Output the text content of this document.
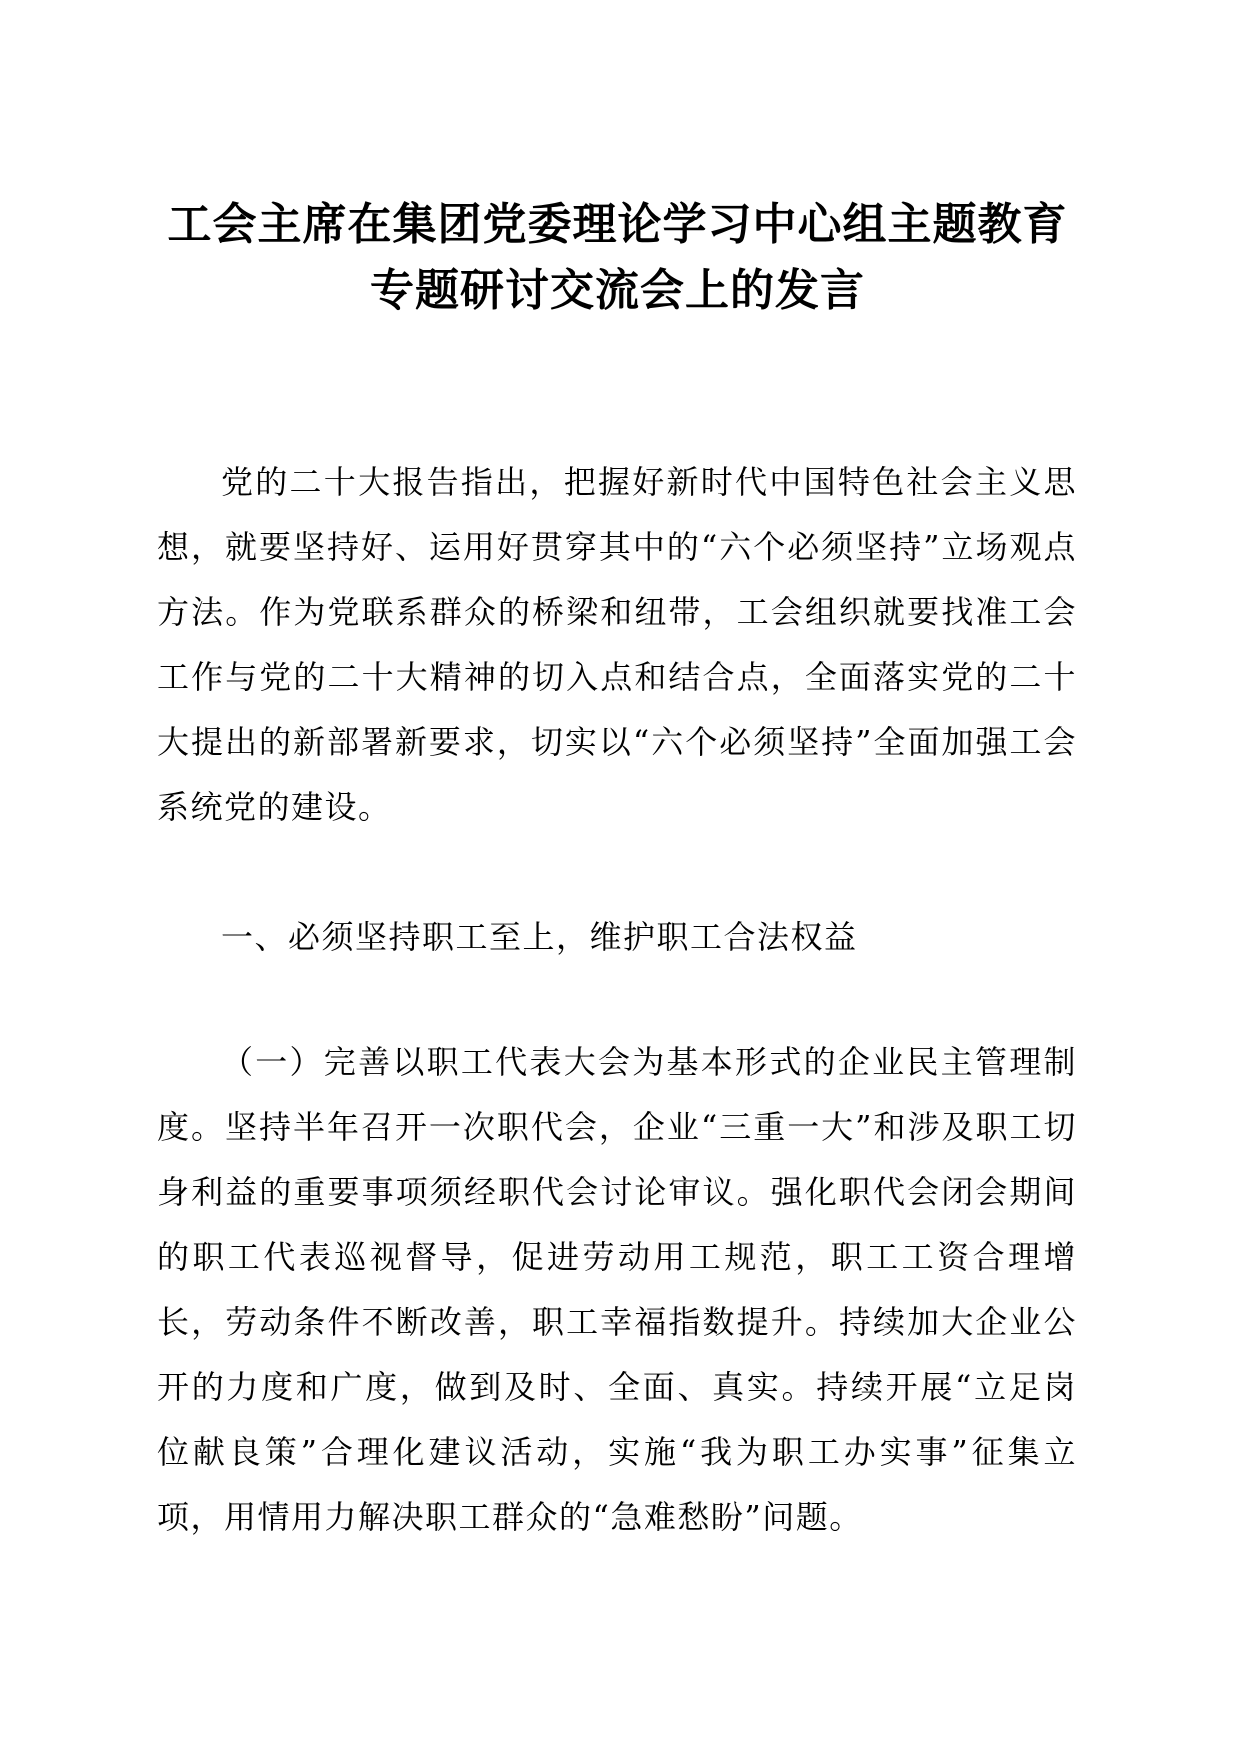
工会主席在集团党委理论学习中心组主题教育
专题研讨交流会上的发言

党的二十大报告指出，把握好新时代中国特色社会主义思想，就要坚持好、运用好贯穿其中的“六个必须坚持”立场观点方法。作为党联系群众的桥梁和纽带，工会组织就要找准工会工作与党的二十大精神的切入点和结合点，全面落实党的二十大提出的新部署新要求，切实以“六个必须坚持”全面加强工会系统党的建设。

一、必须坚持职工至上，维护职工合法权益

（一）完善以职工代表大会为基本形式的企业民主管理制度。坚持半年召开一次职代会，企业“三重一大”和涉及职工切身利益的重要事项须经职代会讨论审议。强化职代会闭会期间的职工代表巡视督导，促进劳动用工规范，职工工资合理增长，劳动条件不断改善，职工幸福指数提升。持续加大企业公开的力度和广度，做到及时、全面、真实。持续开展“立足岗位献良策”合理化建议活动，实施“我为职工办实事”征集立项，用情用力解决职工群众的“急难愁盼”问题。
